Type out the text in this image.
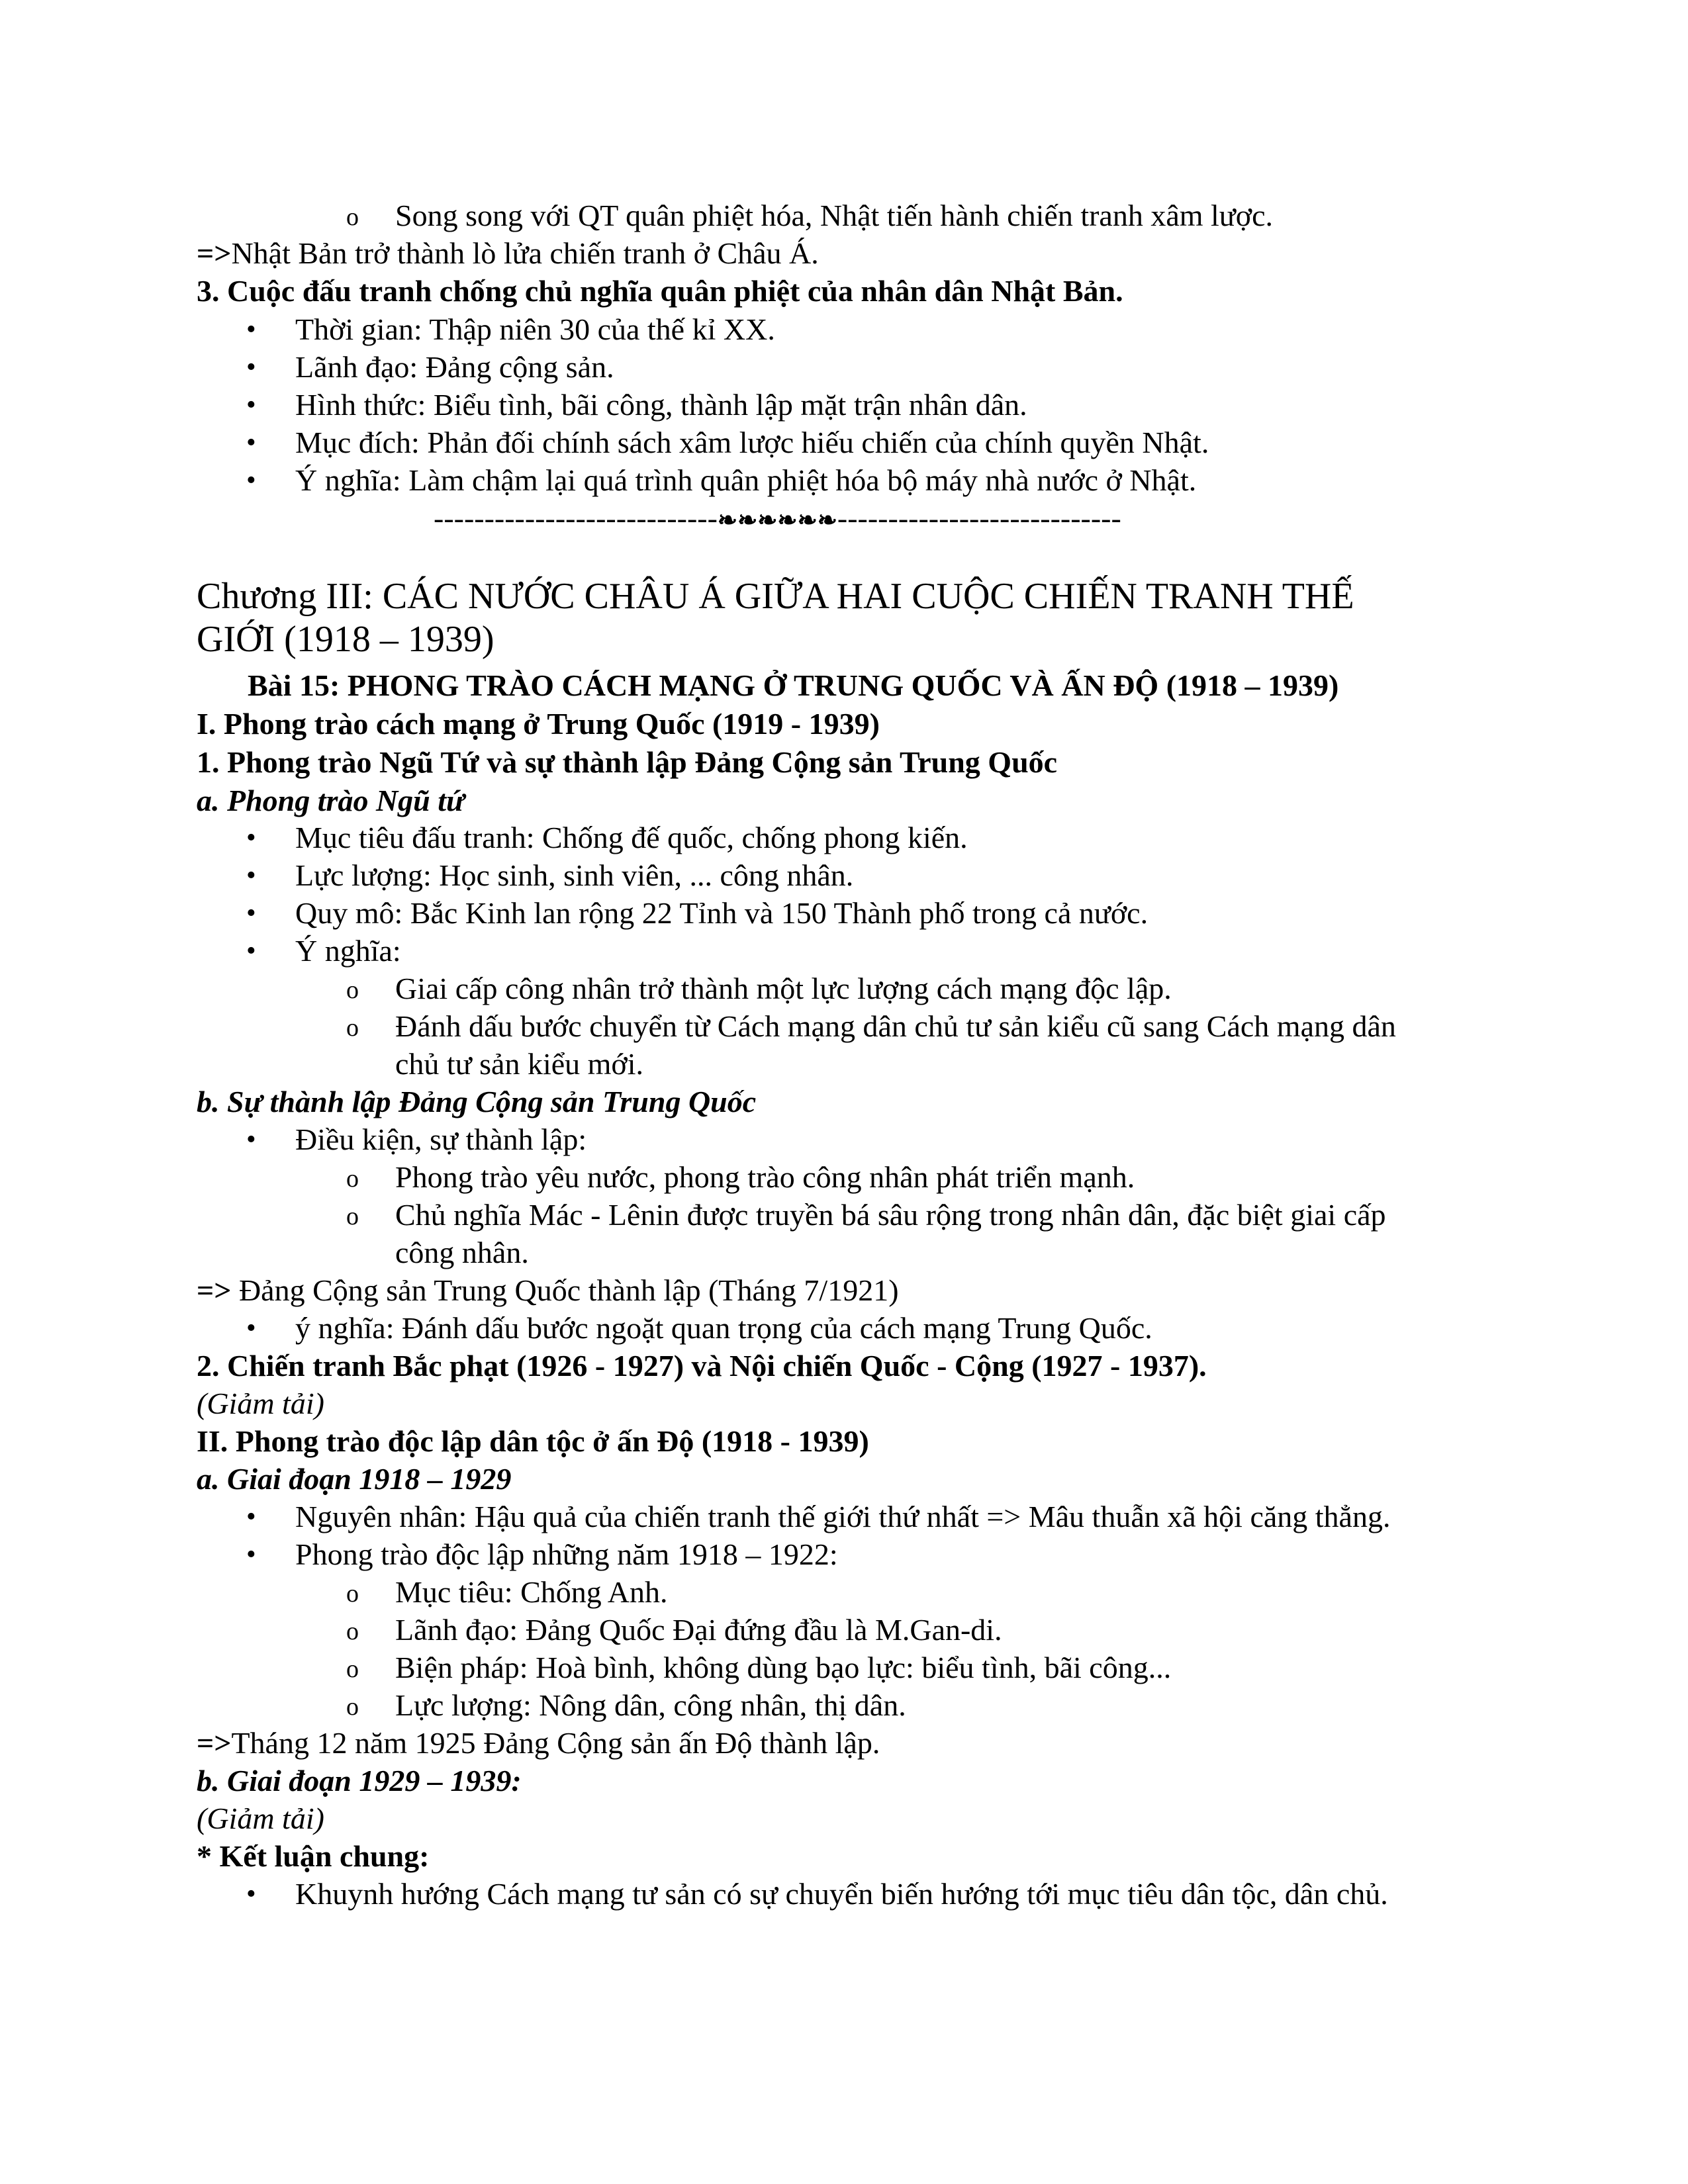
o Song song với QT quân phiệt hóa, Nhật tiến hành chiến tranh xâm lược.
=>Nhật Bản trở thành lò lửa chiến tranh ở Châu Á.
3. Cuộc đấu tranh chống chủ nghĩa quân phiệt của nhân dân Nhật Bản.
• Thời gian: Thập niên 30 của thế kỉ XX.
• Lãnh đạo: Đảng cộng sản.
• Hình thức: Biểu tình, bãi công, thành lập mặt trận nhân dân.
• Mục đích: Phản đối chính sách xâm lược hiếu chiến của chính quyền Nhật.
• Ý nghĩa: Làm chậm lại quá trình quân phiệt hóa bộ máy nhà nước ở Nhật.
----------------------------❧❧❧❧❧❧----------------------------
Chương III: CÁC NƯỚC CHÂU Á GIỮA HAI CUỘC CHIẾN TRANH THẾ
GIỚI (1918 – 1939)
Bài 15: PHONG TRÀO CÁCH MẠNG Ở TRUNG QUỐC VÀ ẤN ĐỘ (1918 – 1939)
I. Phong trào cách mạng ở Trung Quốc (1919 - 1939)
1. Phong trào Ngũ Tứ và sự thành lập Đảng Cộng sản Trung Quốc
a. Phong trào Ngũ tứ
• Mục tiêu đấu tranh: Chống đế quốc, chống phong kiến.
• Lực lượng: Học sinh, sinh viên, ... công nhân.
• Quy mô: Bắc Kinh lan rộng 22 Tỉnh và 150 Thành phố trong cả nước.
• Ý nghĩa:
o Giai cấp công nhân trở thành một lực lượng cách mạng độc lập.
o Đánh dấu bước chuyển từ Cách mạng dân chủ tư sản kiểu cũ sang Cách mạng dân
chủ tư sản kiểu mới.
b. Sự thành lập Đảng Cộng sản Trung Quốc
• Điều kiện, sự thành lập:
o Phong trào yêu nước, phong trào công nhân phát triển mạnh.
o Chủ nghĩa Mác - Lênin được truyền bá sâu rộng trong nhân dân, đặc biệt giai cấp
công nhân.
=> Đảng Cộng sản Trung Quốc thành lập (Tháng 7/1921)
• ý nghĩa: Đánh dấu bước ngoặt quan trọng của cách mạng Trung Quốc.
2. Chiến tranh Bắc phạt (1926 - 1927) và Nội chiến Quốc - Cộng (1927 - 1937).
(Giảm tải)
II. Phong trào độc lập dân tộc ở ấn Độ (1918 - 1939)
a. Giai đoạn 1918 – 1929
• Nguyên nhân: Hậu quả của chiến tranh thế giới thứ nhất => Mâu thuẫn xã hội căng thẳng.
• Phong trào độc lập những năm 1918 – 1922:
o Mục tiêu: Chống Anh.
o Lãnh đạo: Đảng Quốc Đại đứng đầu là M.Gan-di.
o Biện pháp: Hoà bình, không dùng bạo lực: biểu tình, bãi công...
o Lực lượng: Nông dân, công nhân, thị dân.
=>Tháng 12 năm 1925 Đảng Cộng sản ấn Độ thành lập.
b. Giai đoạn 1929 – 1939:
(Giảm tải)
* Kết luận chung:
• Khuynh hướng Cách mạng tư sản có sự chuyển biến hướng tới mục tiêu dân tộc, dân chủ.
